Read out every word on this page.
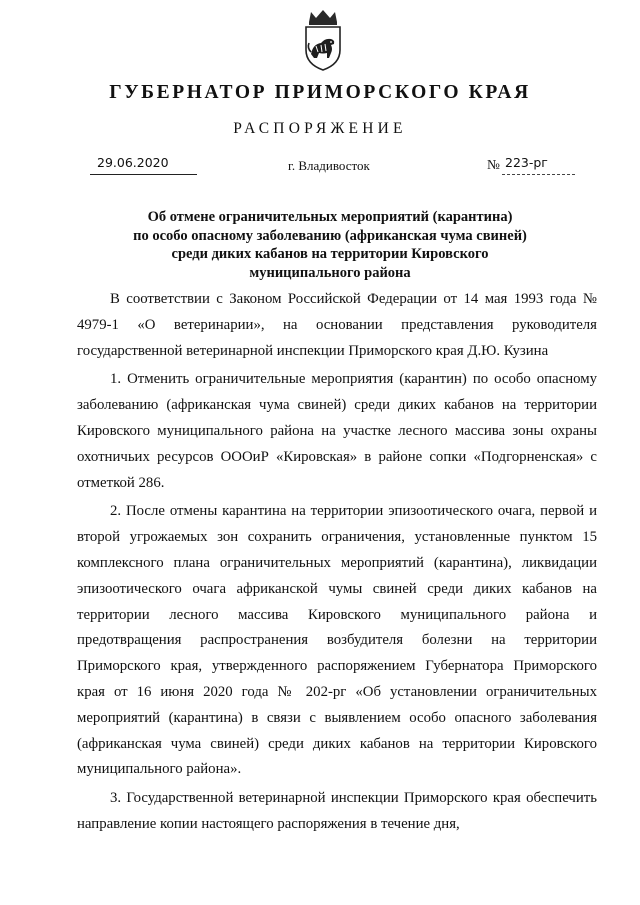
ГУБЕРНАТОР ПРИМОРСКОГО КРАЯ
РАСПОРЯЖЕНИЕ
29.06.2020	г. Владивосток	№ 223-рг
Об отмене ограничительных мероприятий (карантина)
по особо опасному заболеванию (африканская чума свиней)
среди диких кабанов на территории Кировского
муниципального района

В соответствии с Законом Российской Федерации от 14 мая 1993 года № 4979-1 «О ветеринарии», на основании представления руководителя государственной ветеринарной инспекции Приморского края Д.Ю. Кузина

1. Отменить ограничительные мероприятия (карантин) по особо опасному заболеванию (африканская чума свиней) среди диких кабанов на территории Кировского муниципального района на участке лесного массива зоны охраны охотничьих ресурсов ОООиР «Кировская» в районе сопки «Подгорненская» с отметкой 286.

2. После отмены карантина на территории эпизоотического очага, первой и второй угрожаемых зон сохранить ограничения, установленные пунктом 15 комплексного плана ограничительных мероприятий (карантина), ликвидации эпизоотического очага африканской чумы свиней среди диких кабанов на территории лесного массива Кировского муниципального района и предотвращения распространения возбудителя болезни на территории Приморского края, утвержденного распоряжением Губернатора Приморского края от 16 июня 2020 года № 202-рг «Об установлении ограничительных мероприятий (карантина) в связи с выявлением особо опасного заболевания (африканская чума свиней) среди диких кабанов на территории Кировского муниципального района».

3. Государственной ветеринарной инспекции Приморского края обеспечить направление копии настоящего распоряжения в течение дня,
